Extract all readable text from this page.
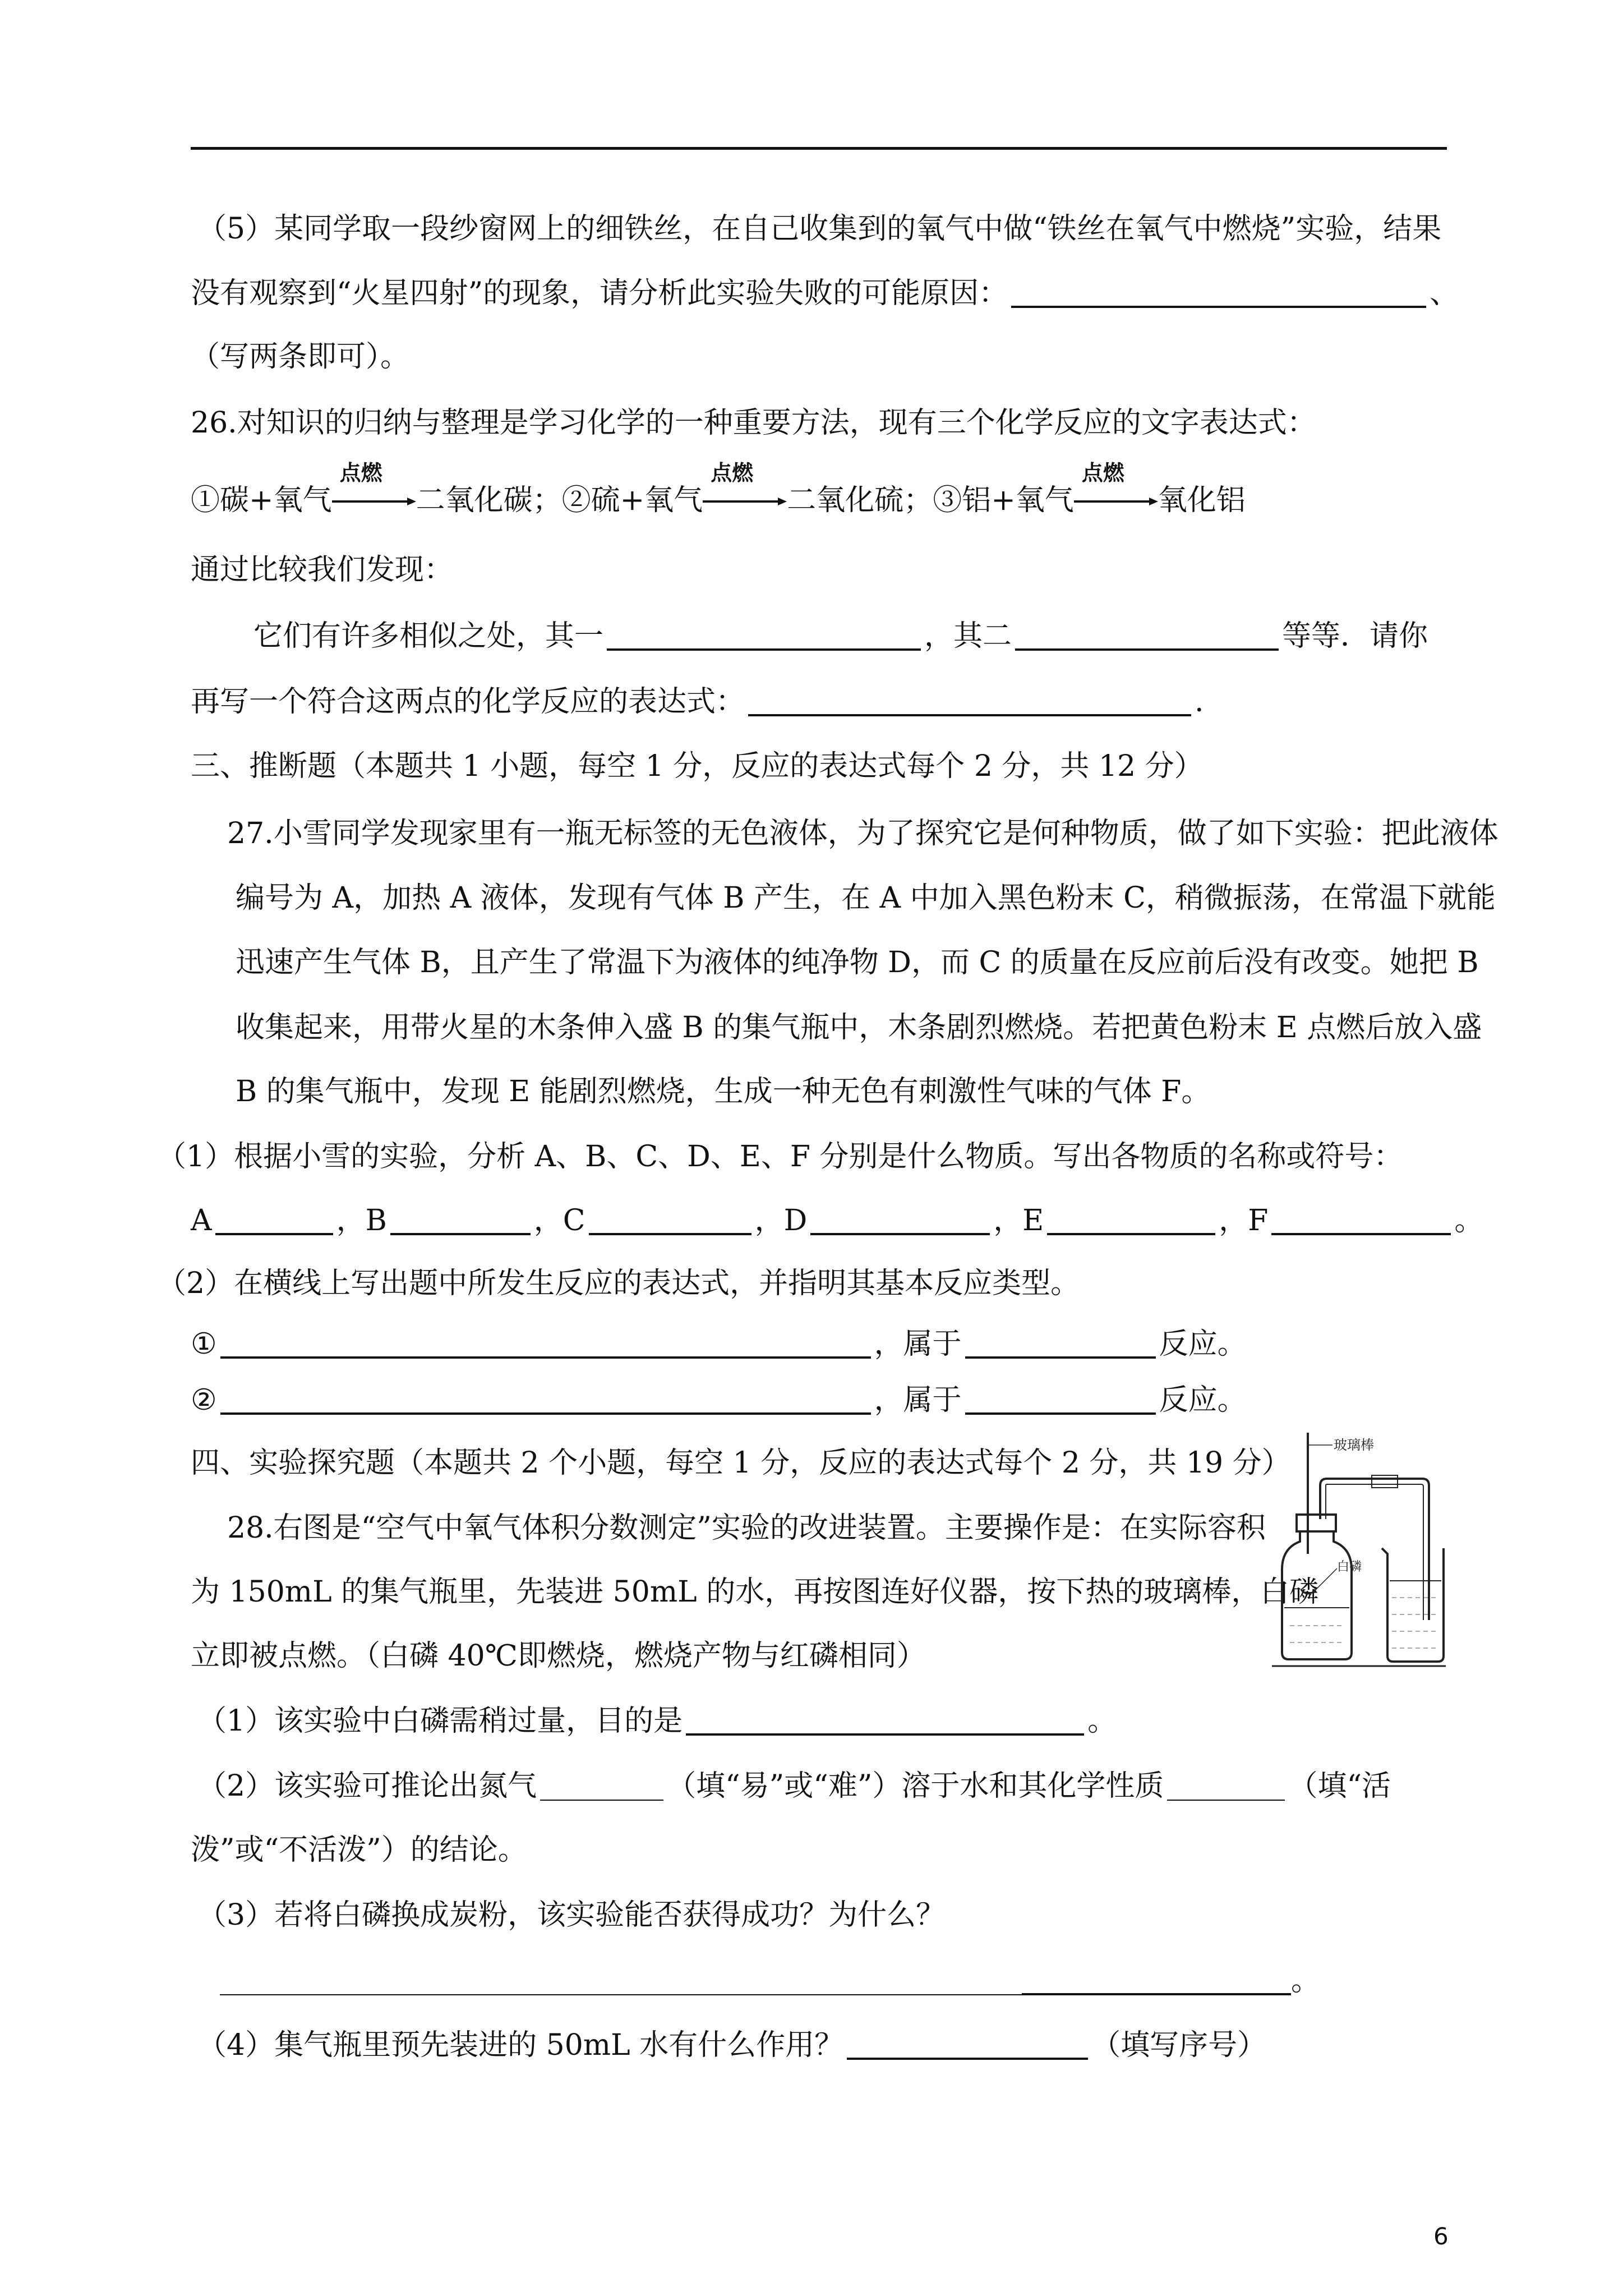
（5）某同学取一段纱窗网上的细铁丝，在自己收集到的氧气中做“铁丝在氧气中燃烧”实验，结果
没有观察到“火星四射”的现象，请分析此实验失败的可能原因：	、
（写两条即可）。
26.对知识的归纳与整理是学习化学的一种重要方法，现有三个化学反应的文字表达式：
①碳+氧气
点燃
二氧化碳；②硫+氧气
点燃
二氧化硫；③铝+氧气
点燃
氧化铝
通过比较我们发现：
它们有许多相似之处，其一	，其二	等等．请你
再写一个符合这两点的化学反应的表达式：	.
三、推断题（本题共 1 小题，每空 1 分，反应的表达式每个 2 分，共 12 分）
27.小雪同学发现家里有一瓶无标签的无色液体，为了探究它是何种物质，做了如下实验：把此液体
编号为 A，加热 A 液体，发现有气体 B 产生，在 A 中加入黑色粉末 C，稍微振荡，在常温下就能
迅速产生气体 B，且产生了常温下为液体的纯净物 D，而 C 的质量在反应前后没有改变。她把 B
收集起来，用带火星的木条伸入盛 B 的集气瓶中，木条剧烈燃烧。若把黄色粉末 E 点燃后放入盛
B 的集气瓶中，发现 E 能剧烈燃烧，生成一种无色有刺激性气味的气体 F。
（1）根据小雪的实验，分析 A、B、C、D、E、F 分别是什么物质。写出各物质的名称或符号：
A	，B	，C	，D	，E	，F	。
（2）在横线上写出题中所发生反应的表达式，并指明其基本反应类型。
①	，属于	反应。
②	，属于	反应。
四、实验探究题（本题共 2 个小题，每空 1 分，反应的表达式每个 2 分，共 19 分）
28.右图是“空气中氧气体积分数测定”实验的改进装置。主要操作是：在实际容积
为 150mL 的集气瓶里，先装进 50mL 的水，再按图连好仪器，按下热的玻璃棒，白磷
立即被点燃。（白磷 40℃即燃烧，燃烧产物与红磷相同）
（1）该实验中白磷需稍过量，目的是	。
（2）该实验可推论出氮气	（填“易”或“难”）溶于水和其化学性质	（填“活
泼”或“不活泼”）的结论。
（3）若将白磷换成炭粉，该实验能否获得成功？为什么？
。
（4）集气瓶里预先装进的 50mL 水有什么作用？	（填写序号）
玻璃棒
白磷
6
